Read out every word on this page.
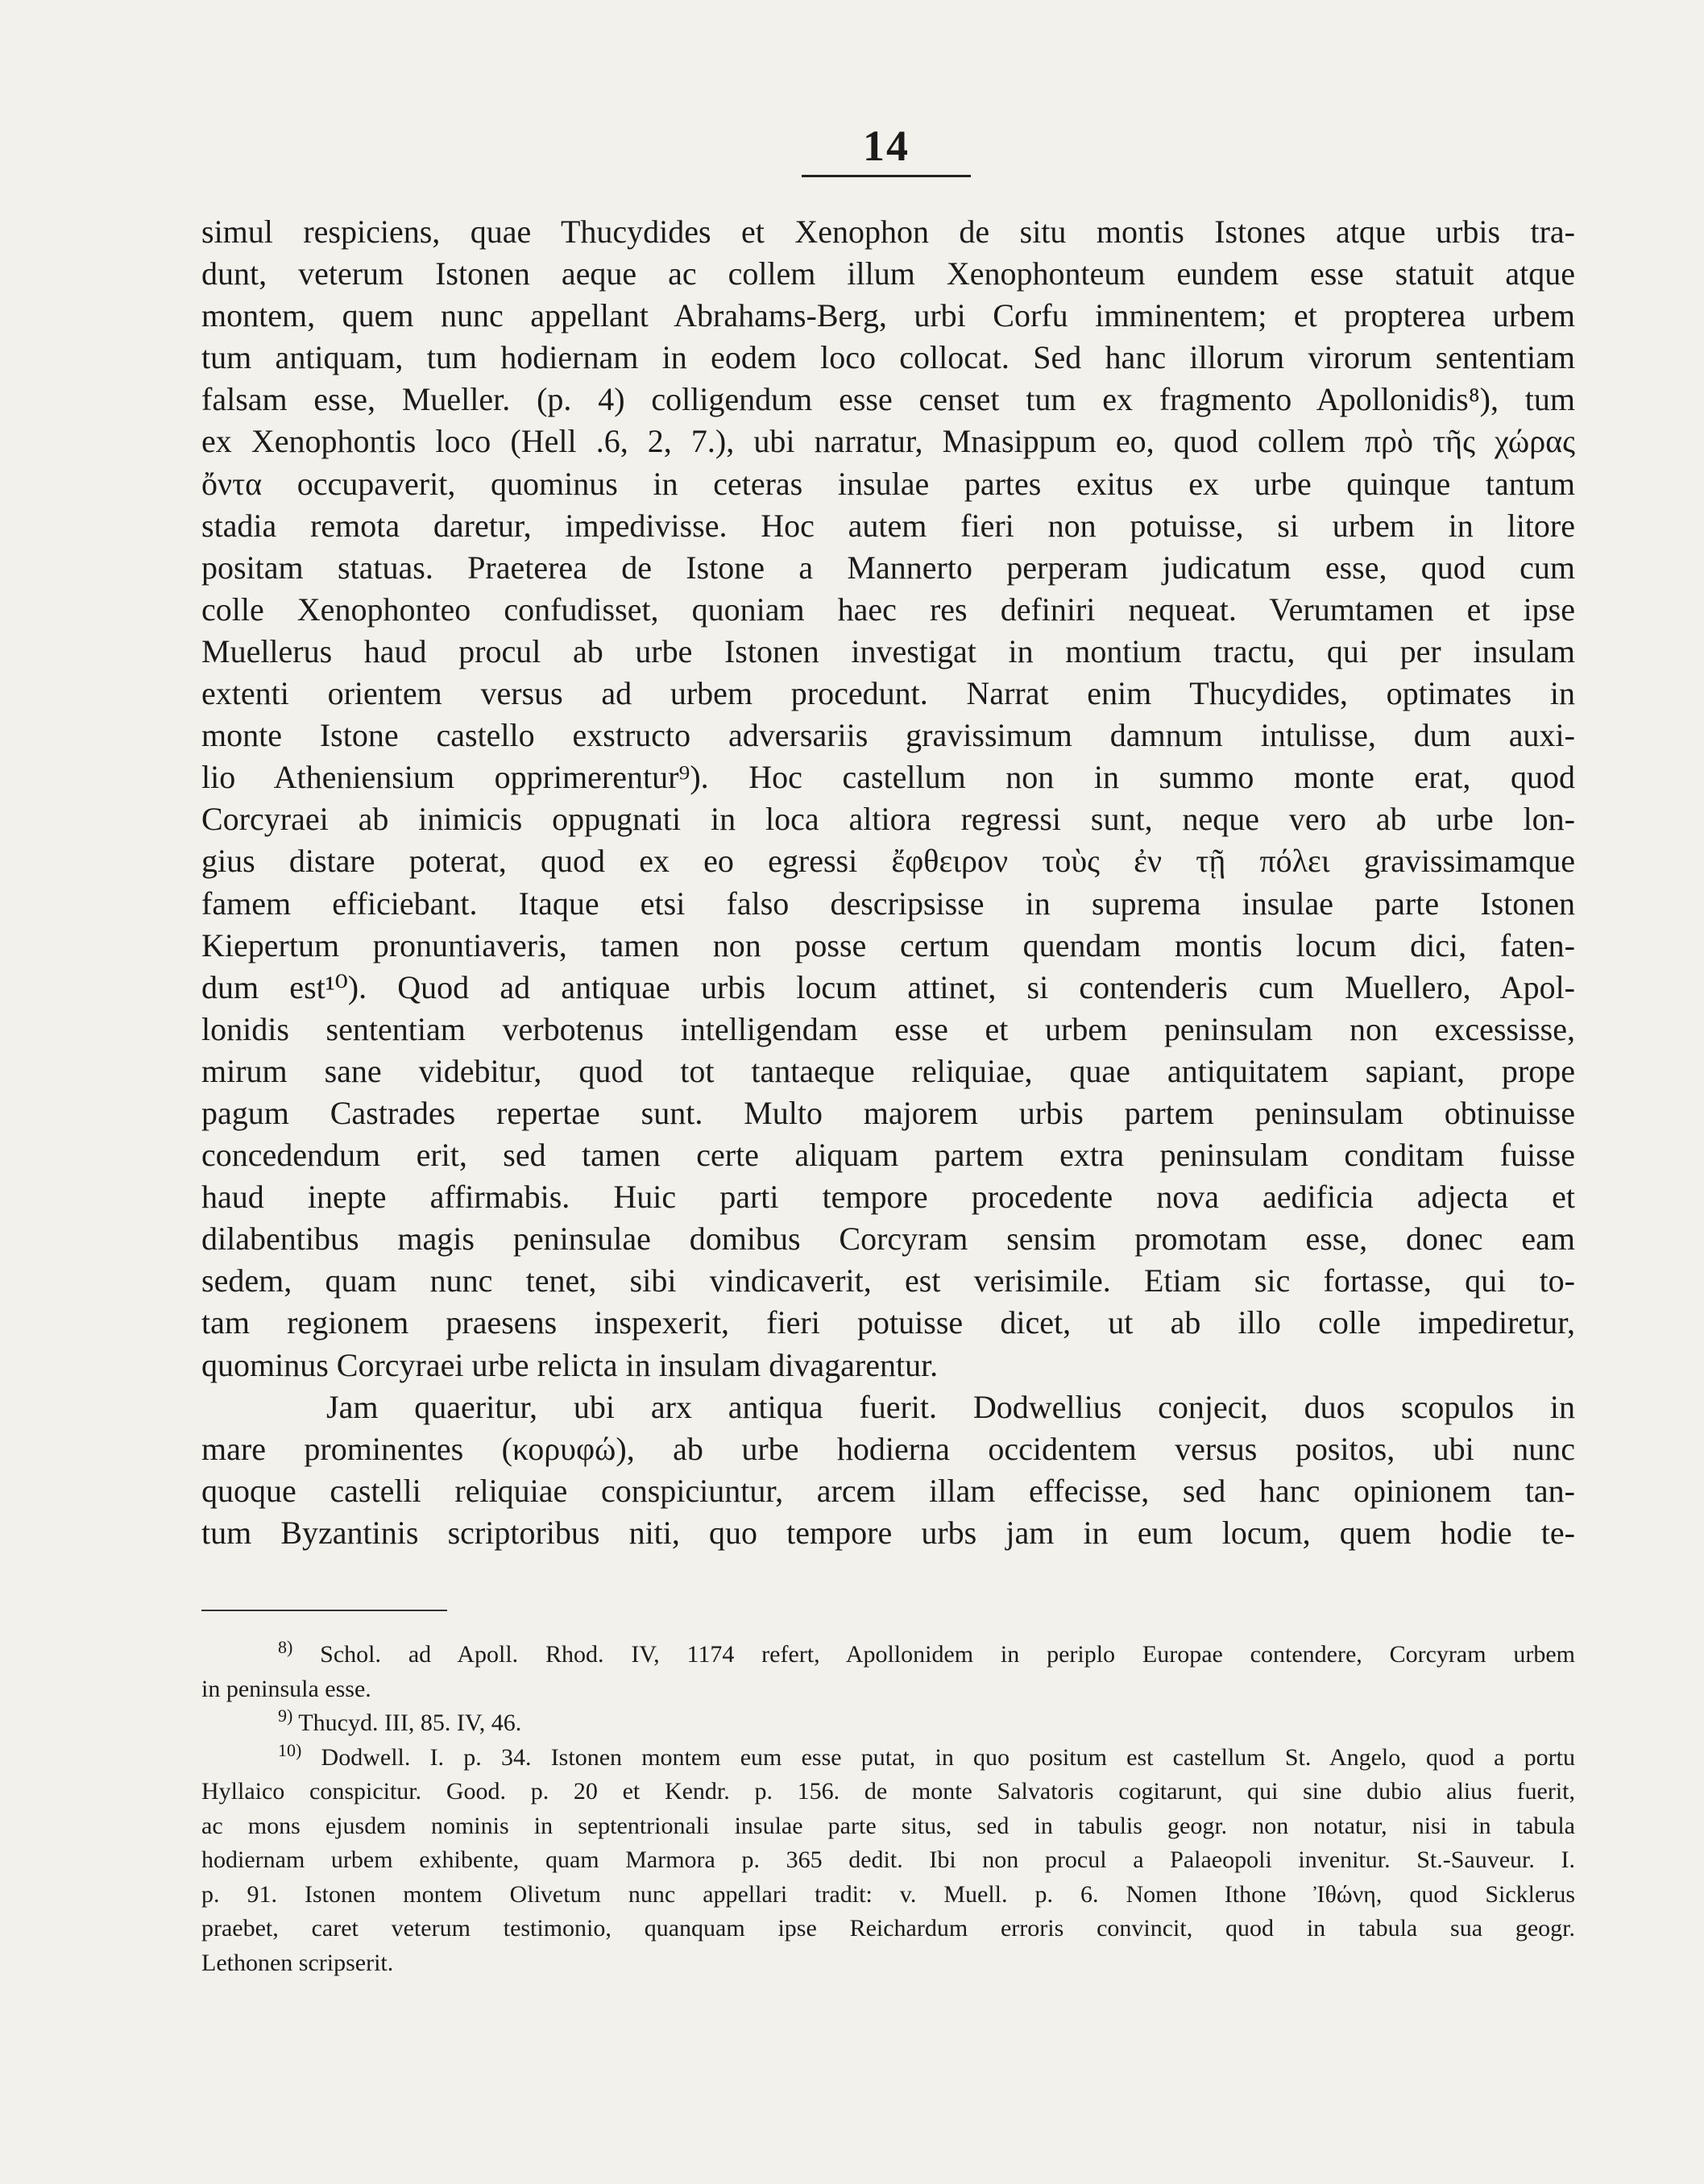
14
simul respiciens, quae Thucydides et Xenophon de situ montis Istones atque urbis tra-
dunt, veterum Istonen aeque ac collem illum Xenophonteum eundem esse statuit atque
montem, quem nunc appellant Abrahams-Berg, urbi Corfu imminentem; et propterea urbem
tum antiquam, tum hodiernam in eodem loco collocat. Sed hanc illorum virorum sententiam
falsam esse, Mueller. (p. 4) colligendum esse censet tum ex fragmento Apollonidis⁸), tum
ex Xenophontis loco (Hell .6, 2, 7.), ubi narratur, Mnasippum eo, quod collem πρὸ τῆς χώρας
ὄντα occupaverit, quominus in ceteras insulae partes exitus ex urbe quinque tantum
stadia remota daretur, impedivisse. Hoc autem fieri non potuisse, si urbem in litore
positam statuas. Praeterea de Istone a Mannerto perperam judicatum esse, quod cum
colle Xenophonteo confudisset, quoniam haec res definiri nequeat. Verumtamen et ipse
Muellerus haud procul ab urbe Istonen investigat in montium tractu, qui per insulam
extenti orientem versus ad urbem procedunt. Narrat enim Thucydides, optimates in
monte Istone castello exstructo adversariis gravissimum damnum intulisse, dum auxi-
lio Atheniensium opprimerentur⁹). Hoc castellum non in summo monte erat, quod
Corcyraei ab inimicis oppugnati in loca altiora regressi sunt, neque vero ab urbe lon-
gius distare poterat, quod ex eo egressi ἔφθειρον τοὺς ἐν τῇ πόλει gravissimamque
famem efficiebant. Itaque etsi falso descripsisse in suprema insulae parte Istonen
Kiepertum pronuntiaveris, tamen non posse certum quendam montis locum dici, faten-
dum est¹⁰). Quod ad antiquae urbis locum attinet, si contenderis cum Muellero, Apol-
lonidis sententiam verbotenus intelligendam esse et urbem peninsulam non excessisse,
mirum sane videbitur, quod tot tantaeque reliquiae, quae antiquitatem sapiant, prope
pagum Castrades repertae sunt. Multo majorem urbis partem peninsulam obtinuisse
concedendum erit, sed tamen certe aliquam partem extra peninsulam conditam fuisse
haud inepte affirmabis. Huic parti tempore procedente nova aedificia adjecta et
dilabentibus magis peninsulae domibus Corcyram sensim promotam esse, donec eam
sedem, quam nunc tenet, sibi vindicaverit, est verisimile. Etiam sic fortasse, qui to-
tam regionem praesens inspexerit, fieri potuisse dicet, ut ab illo colle impediretur,
quominus Corcyraei urbe relicta in insulam divagarentur.
Jam quaeritur, ubi arx antiqua fuerit. Dodwellius conjecit, duos scopulos in
mare prominentes (κορυφώ), ab urbe hodierna occidentem versus positos, ubi nunc
quoque castelli reliquiae conspiciuntur, arcem illam effecisse, sed hanc opinionem tan-
tum Byzantinis scriptoribus niti, quo tempore urbs jam in eum locum, quem hodie te-
$^{8)}$ Schol. ad Apoll. Rhod. IV, 1174 refert, Apollonidem in periplo Europae contendere, Corcyram urbem
in peninsula esse.
$^{9)}$ Thucyd. III, 85. IV, 46.
$^{10)}$ Dodwell. I. p. 34. Istonen montem eum esse putat, in quo positum est castellum St. Angelo, quod a portu
Hyllaico conspicitur. Good. p. 20 et Kendr. p. 156. de monte Salvatoris cogitarunt, qui sine dubio alius fuerit,
ac mons ejusdem nominis in septentrionali insulae parte situs, sed in tabulis geogr. non notatur, nisi in tabula
hodiernam urbem exhibente, quam Marmora p. 365 dedit. Ibi non procul a Palaeopoli invenitur. St.-Sauveur. I.
p. 91. Istonen montem Olivetum nunc appellari tradit: v. Muell. p. 6. Nomen Ithone Ἰθώνη, quod Sicklerus
praebet, caret veterum testimonio, quanquam ipse Reichardum erroris convincit, quod in tabula sua geogr.
Lethonen scripserit.
